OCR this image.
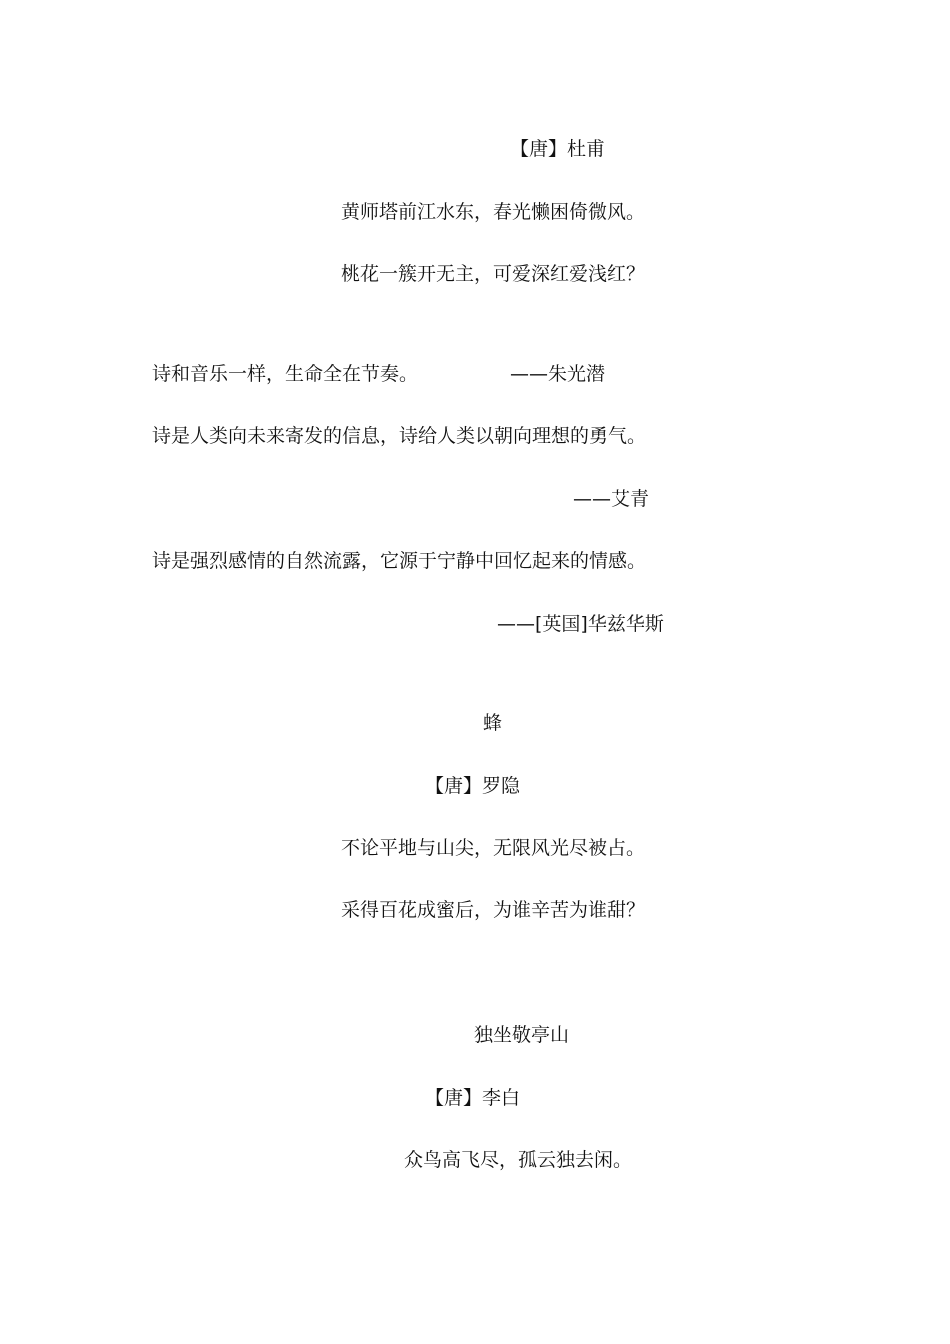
【唐】杜甫

黄师塔前江水东，春光懒困倚微风。

桃花一簇开无主，可爱深红爱浅红？

诗和音乐一样，生命全在节奏。	——朱光潜

诗是人类向未来寄发的信息，诗给人类以朝向理想的勇气。

——艾青

诗是强烈感情的自然流露，它源于宁静中回忆起来的情感。

——[英国]华兹华斯

蜂

【唐】罗隐

不论平地与山尖，无限风光尽被占。

采得百花成蜜后，为谁辛苦为谁甜？

独坐敬亭山

【唐】李白

众鸟高飞尽，孤云独去闲。
